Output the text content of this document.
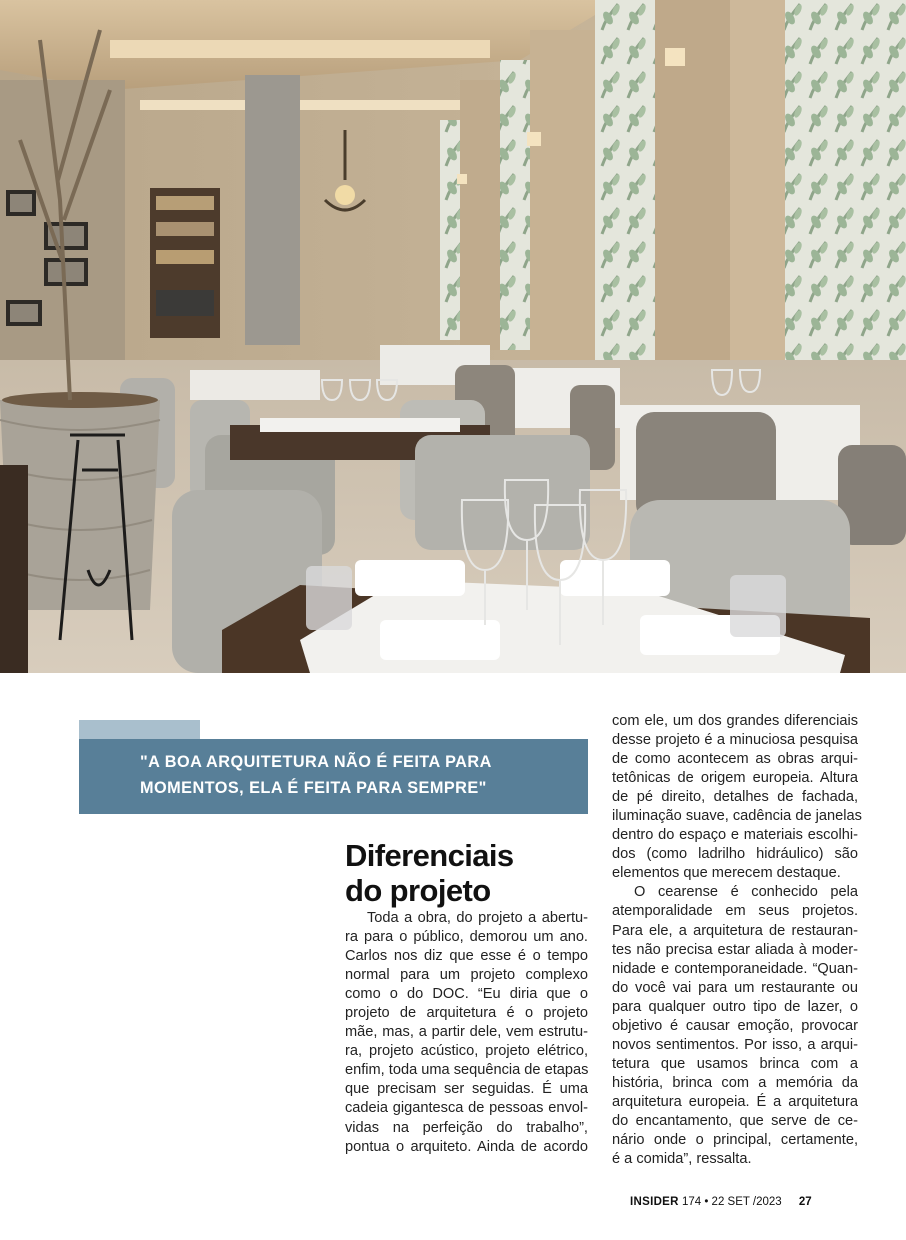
"A BOA ARQUITETURA NÃO É FEITA PARA
MOMENTOS, ELA É FEITA PARA SEMPRE"
Diferenciais
do projeto
Toda a obra, do projeto a abertu-
ra para o público, demorou um ano.
Carlos nos diz que esse é o tempo
normal para um projeto complexo
como o do DOC. “Eu diria que o
projeto de arquitetura é o projeto
mãe, mas, a partir dele, vem estrutu-
ra, projeto acústico, projeto elétrico,
enfim, toda uma sequência de etapas
que precisam ser seguidas. É uma
cadeia gigantesca de pessoas envol-
vidas na perfeição do trabalho”,
pontua o arquiteto. Ainda de acordo
com ele, um dos grandes diferenciais
desse projeto é a minuciosa pesquisa
de como acontecem as obras arqui-
tetônicas de origem europeia. Altura
de pé direito, detalhes de fachada,
iluminação suave, cadência de janelas
dentro do espaço e materiais escolhi-
dos (como ladrilho hidráulico) são
elementos que merecem destaque.
O cearense é conhecido pela
atemporalidade em seus projetos.
Para ele, a arquitetura de restauran-
tes não precisa estar aliada à moder-
nidade e contemporaneidade. “Quan-
do você vai para um restaurante ou
para qualquer outro tipo de lazer, o
objetivo é causar emoção, provocar
novos sentimentos. Por isso, a arqui-
tetura que usamos brinca com a
história, brinca com a memória da
arquitetura europeia. É a arquitetura
do encantamento, que serve de ce-
nário onde o principal, certamente,
é a comida”, ressalta.
INSIDER 174 • 22 SET /2023 27
